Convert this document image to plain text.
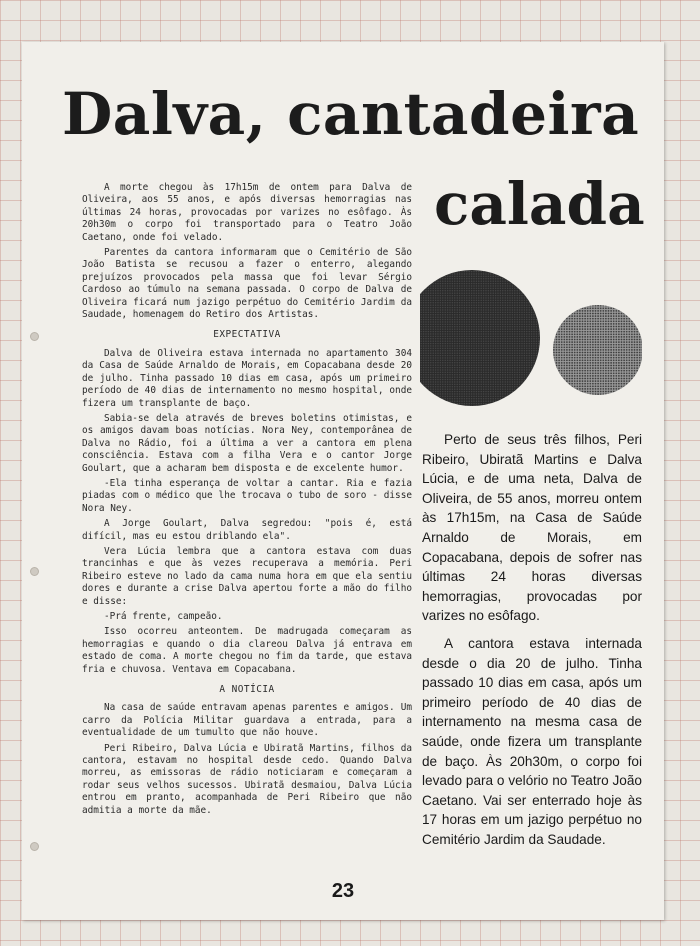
Dalva, cantadeira
calada

A morte chegou às 17h15m de ontem para Dalva de Oliveira, aos 55 anos, e após diversas hemorragias nas últimas 24 horas, provocadas por varizes no esôfago. Às 20h30m o corpo foi transportado para o Teatro João Caetano, onde foi velado.

Parentes da cantora informaram que o Cemitério de São João Batista se recusou a fazer o enterro, alegando prejuízos provocados pela massa que foi levar Sérgio Cardoso ao túmulo na semana passada. O corpo de Dalva de Oliveira ficará num jazigo perpétuo do Cemitério Jardim da Saudade, homenagem do Retiro dos Artistas.

EXPECTATIVA

Dalva de Oliveira estava internada no apartamento 304 da Casa de Saúde Arnaldo de Morais, em Copacabana desde 20 de julho. Tinha passado 10 dias em casa, após um primeiro período de 40 dias de internamento no mesmo hospital, onde fizera um transplante de baço.

Sabia-se dela através de breves boletins otimistas, e os amigos davam boas notícias. Nora Ney, contemporânea de Dalva no Rádio, foi a última a ver a cantora em plena consciência. Estava com a filha Vera e o cantor Jorge Goulart, que a acharam bem disposta e de excelente humor.

-Ela tinha esperança de voltar a cantar. Ria e fazia piadas com o médico que lhe trocava o tubo de soro - disse Nora Ney.

A Jorge Goulart, Dalva segredou: "pois é, está difícil, mas eu estou driblando ela".

Vera Lúcia lembra que a cantora estava com duas trancinhas e que às vezes recuperava a memória. Peri Ribeiro esteve no lado da cama numa hora em que ela sentiu dores e durante a crise Dalva apertou forte a mão do filho e disse:

-Prá frente, campeão.

Isso ocorreu anteontem. De madrugada começaram as hemorragias e quando o dia clareou Dalva já entrava em estado de coma. A morte chegou no fim da tarde, que estava fria e chuvosa. Ventava em Copacabana.

A NOTÍCIA

Na casa de saúde entravam apenas parentes e amigos. Um carro da Polícia Militar guardava a entrada, para a eventualidade de um tumulto que não houve.

Peri Ribeiro, Dalva Lúcia e Ubiratã Martins, filhos da cantora, estavam no hospital desde cedo. Quando Dalva morreu, as emissoras de rádio noticiaram e começaram a rodar seus velhos sucessos. Ubiratã desmaiou, Dalva Lúcia entrou em pranto, acompanhada de Peri Ribeiro que não admitia a morte da mãe.

Perto de seus três filhos, Peri Ribeiro, Ubiratã Martins e Dalva Lúcia, e de uma neta, Dalva de Oliveira, de 55 anos, morreu ontem às 17h15m, na Casa de Saúde Arnaldo de Morais, em Copacabana, depois de sofrer nas últimas 24 horas diversas hemorragias, provocadas por varizes no esôfago.

A cantora estava internada desde o dia 20 de julho. Tinha passado 10 dias em casa, após um primeiro período de 40 dias de internamento na mesma casa de saúde, onde fizera um transplante de baço. Às 20h30m, o corpo foi levado para o velório no Teatro João Caetano. Vai ser enterrado hoje às 17 horas em um jazigo perpétuo no Cemitério Jardim da Saudade.

23
